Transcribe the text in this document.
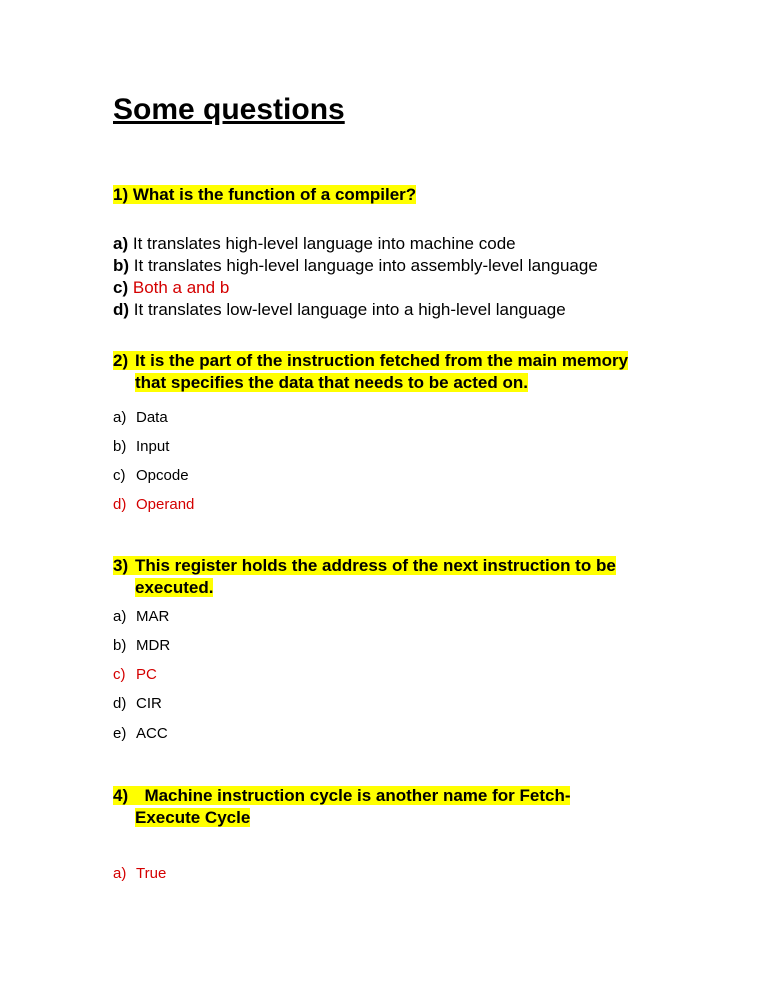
Some questions
1) What is the function of a compiler?
a) It translates high-level language into machine code
b) It translates high-level language into assembly-level language
c) Both a and b
d) It translates low-level language into a high-level language
2) It is the part of the instruction fetched from the main memory
that specifies the data that needs to be acted on.
a) Data
b) Input
c) Opcode
d) Operand
3) This register holds the address of the next instruction to be
executed.
a) MAR
b) MDR
c) PC
d) CIR
e) ACC
4)  Machine instruction cycle is another name for Fetch-
Execute Cycle
a) True
